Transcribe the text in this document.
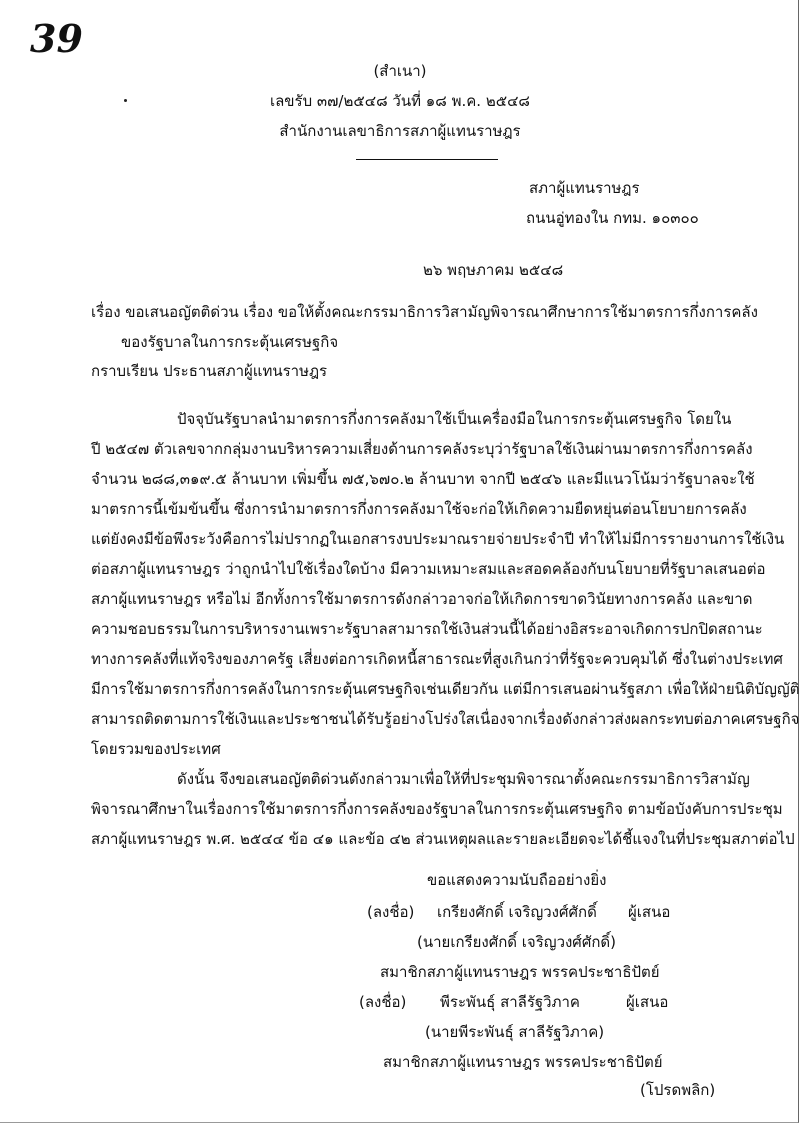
39
(สำเนา)
เลขรับ ๓๗/๒๕๔๘ วันที่ ๑๘ พ.ค. ๒๕๔๘
สำนักงานเลขาธิการสภาผู้แทนราษฎร
สภาผู้แทนราษฎร
ถนนอู่ทองใน กทม. ๑๐๓๐๐
๒๖ พฤษภาคม ๒๕๔๘
เรื่อง ขอเสนอญัตติด่วน เรื่อง ขอให้ตั้งคณะกรรมาธิการวิสามัญพิจารณาศึกษาการใช้มาตรการกึ่งการคลัง
ของรัฐบาลในการกระตุ้นเศรษฐกิจ
กราบเรียน ประธานสภาผู้แทนราษฎร
ปัจจุบันรัฐบาลนำมาตรการกึ่งการคลังมาใช้เป็นเครื่องมือในการกระตุ้นเศรษฐกิจ โดยใน
ปี ๒๕๔๗ ตัวเลขจากกลุ่มงานบริหารความเสี่ยงด้านการคลังระบุว่ารัฐบาลใช้เงินผ่านมาตรการกึ่งการคลัง
จำนวน ๒๘๘,๓๑๙.๕ ล้านบาท เพิ่มขึ้น ๗๕,๖๗๐.๒ ล้านบาท จากปี ๒๕๔๖ และมีแนวโน้มว่ารัฐบาลจะใช้
มาตรการนี้เข้มข้นขึ้น ซึ่งการนำมาตรการกึ่งการคลังมาใช้จะก่อให้เกิดความยืดหยุ่นต่อนโยบายการคลัง
แต่ยังคงมีข้อพึงระวังคือการไม่ปรากฏในเอกสารงบประมาณรายจ่ายประจำปี ทำให้ไม่มีการรายงานการใช้เงิน
ต่อสภาผู้แทนราษฎร ว่าถูกนำไปใช้เรื่องใดบ้าง มีความเหมาะสมและสอดคล้องกับนโยบายที่รัฐบาลเสนอต่อ
สภาผู้แทนราษฎร หรือไม่ อีกทั้งการใช้มาตรการดังกล่าวอาจก่อให้เกิดการขาดวินัยทางการคลัง และขาด
ความชอบธรรมในการบริหารงานเพราะรัฐบาลสามารถใช้เงินส่วนนี้ได้อย่างอิสระอาจเกิดการปกปิดสถานะ
ทางการคลังที่แท้จริงของภาครัฐ เสี่ยงต่อการเกิดหนี้สาธารณะที่สูงเกินกว่าที่รัฐจะควบคุมได้ ซึ่งในต่างประเทศ
มีการใช้มาตรการกึ่งการคลังในการกระตุ้นเศรษฐกิจเช่นเดียวกัน แต่มีการเสนอผ่านรัฐสภา เพื่อให้ฝ่ายนิติบัญญัติ
สามารถติดตามการใช้เงินและประชาชนได้รับรู้อย่างโปร่งใสเนื่องจากเรื่องดังกล่าวส่งผลกระทบต่อภาคเศรษฐกิจ
โดยรวมของประเทศ
ดังนั้น จึงขอเสนอญัตติด่วนดังกล่าวมาเพื่อให้ที่ประชุมพิจารณาตั้งคณะกรรมาธิการวิสามัญ
พิจารณาศึกษาในเรื่องการใช้มาตรการกึ่งการคลังของรัฐบาลในการกระตุ้นเศรษฐกิจ ตามข้อบังคับการประชุม
สภาผู้แทนราษฎร พ.ศ. ๒๕๔๔ ข้อ ๔๑ และข้อ ๔๒ ส่วนเหตุผลและรายละเอียดจะได้ชี้แจงในที่ประชุมสภาต่อไป
ขอแสดงความนับถืออย่างยิ่ง
(ลงชื่อ) เกรียงศักดิ์ เจริญวงศ์ศักดิ์ ผู้เสนอ
(นายเกรียงศักดิ์ เจริญวงศ์ศักดิ์)
สมาชิกสภาผู้แทนราษฎร พรรคประชาธิปัตย์
(ลงชื่อ) พีระพันธุ์ สาลีรัฐวิภาค	ผู้เสนอ
(นายพีระพันธุ์ สาลีรัฐวิภาค)
สมาชิกสภาผู้แทนราษฎร พรรคประชาธิปัตย์
(โปรดพลิก)
